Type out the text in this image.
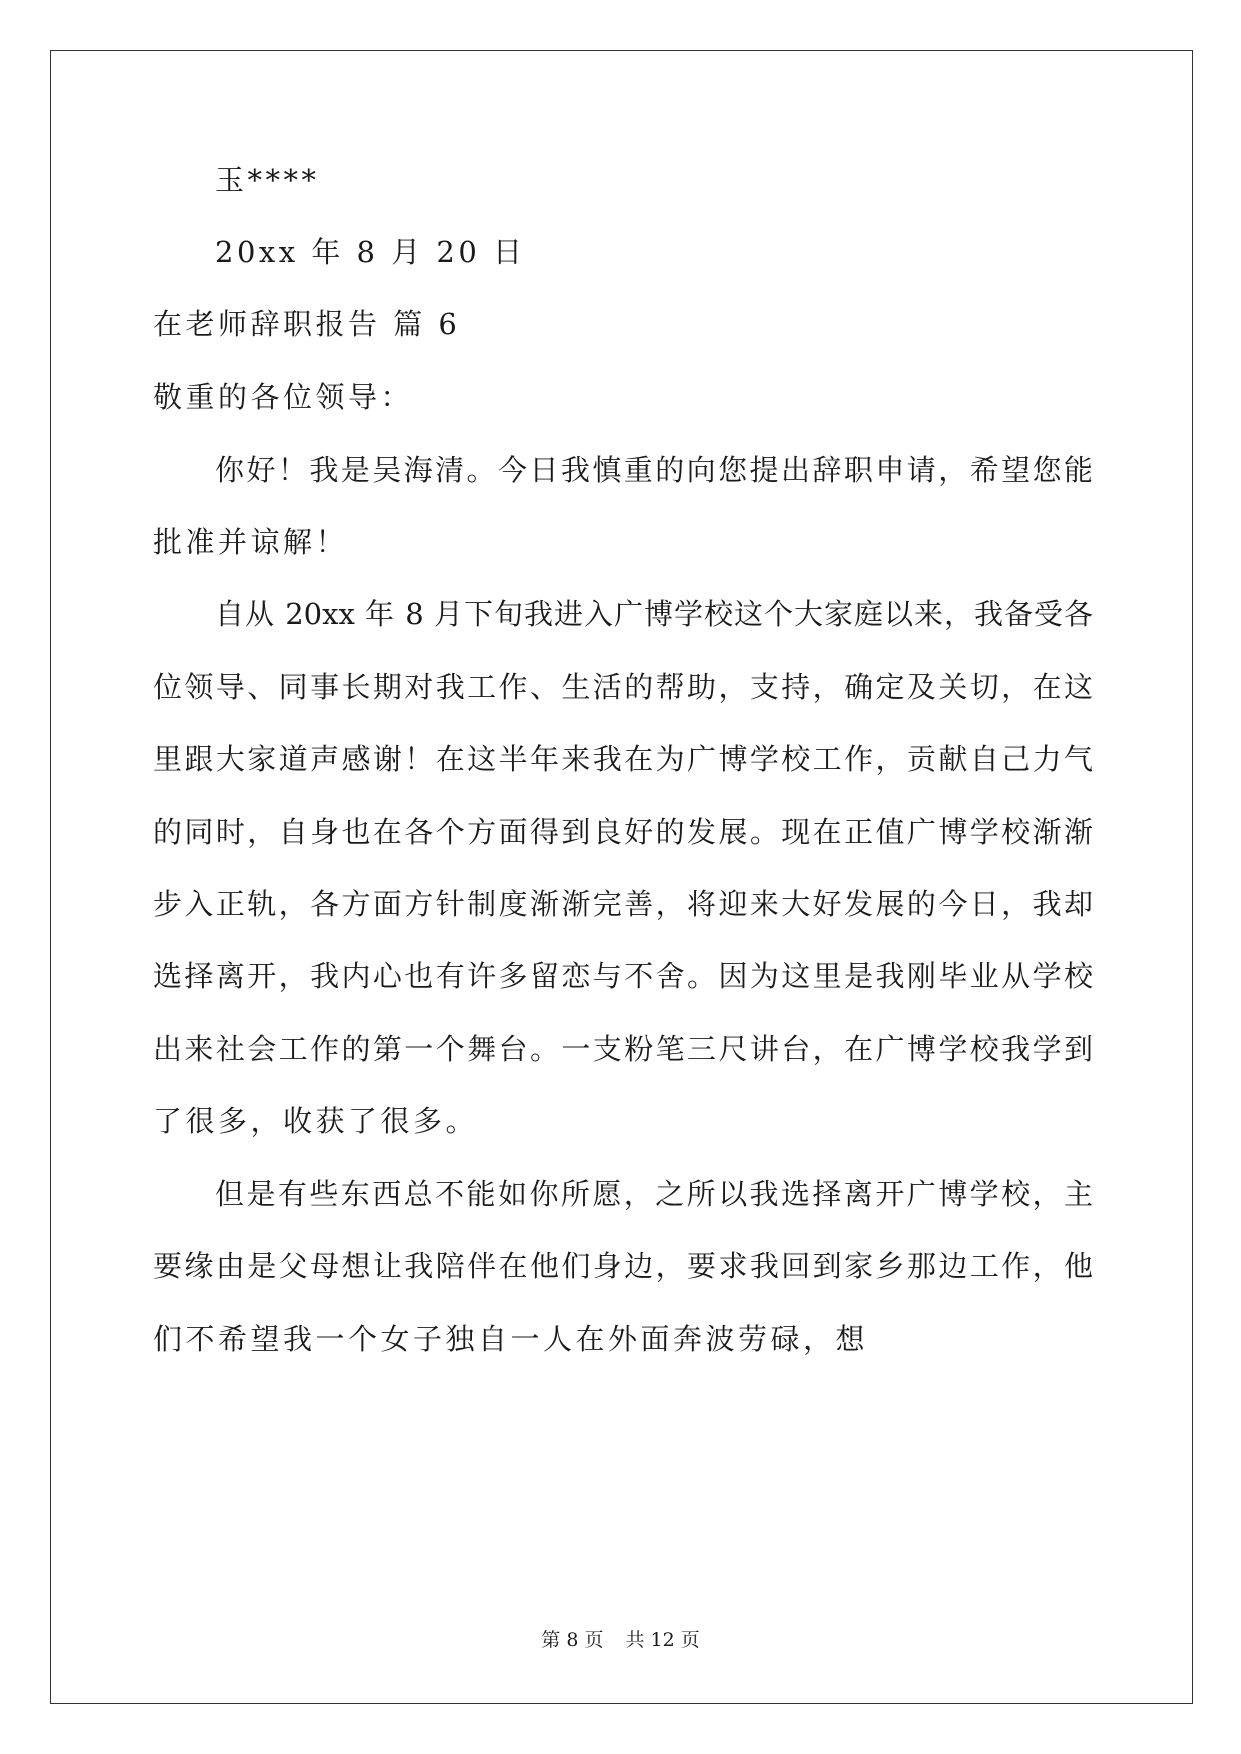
玉****
20xx 年 8 月 20 日
在老师辞职报告 篇 6
敬重的各位领导：
你好！我是吴海清。今日我慎重的向您提出辞职申请，希望您能
批准并谅解！
自从 20xx 年 8 月下旬我进入广博学校这个大家庭以来，我备受各
位领导、同事长期对我工作、生活的帮助，支持，确定及关切，在这
里跟大家道声感谢！在这半年来我在为广博学校工作，贡献自己力气
的同时，自身也在各个方面得到良好的发展。现在正值广博学校渐渐
步入正轨，各方面方针制度渐渐完善，将迎来大好发展的今日，我却
选择离开，我内心也有许多留恋与不舍。因为这里是我刚毕业从学校
出来社会工作的第一个舞台。一支粉笔三尺讲台，在广博学校我学到
了很多，收获了很多。
但是有些东西总不能如你所愿，之所以我选择离开广博学校，主
要缘由是父母想让我陪伴在他们身边，要求我回到家乡那边工作，他
们不希望我一个女子独自一人在外面奔波劳碌，想
第 8 页 共 12 页
